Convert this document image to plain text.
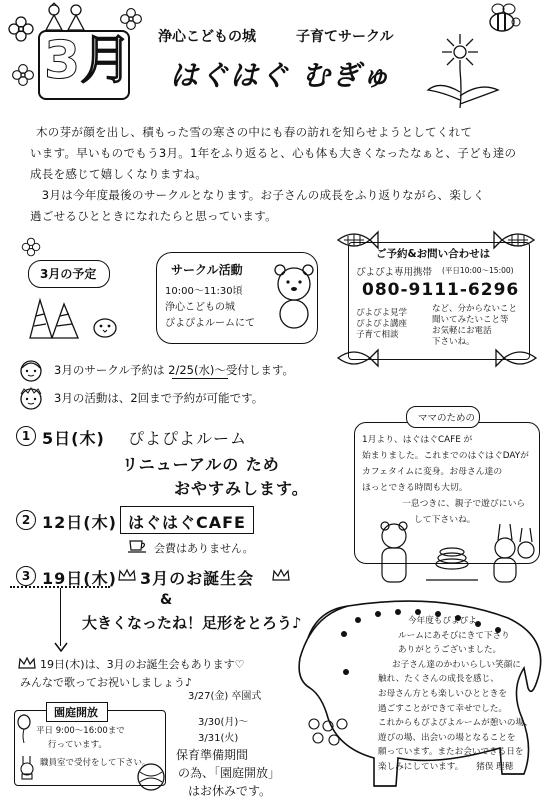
3月 浄心こどもの城	子育てサークル
はぐはぐ むぎゅ

木の芽が顔を出し、積もった雪の寒さの中にも春の訪れを知らせようとしてくれて

います。早いものでもう3月。1年をふり返ると、心も体も大きくなったなぁと、子ども達の

成長を感じて嬉しくなりますね。

　3月は今年度最後のサークルとなります。お子さんの成長をふり返りながら、楽しく

過ごせるひとときになれたらと思っています。

3月の予定	サークル活動
10:00～11:30頃
浄心こどもの城
ぴよぴよルームにて
ご予約&お問い合わせは
ぴよぴよ専用携帯 (平日10:00～15:00)
080-9111-6296
ぴよぴよ見学
ぴよぴよ講座
子育て相談
など、分からないこと
聞いてみたいこと等
お気軽にお電話
下さいね。
3月のサークル予約は 2/25(水)～受付します。
3月の活動は、2回まで予約が可能です。
1 5日(木) ぴよぴよルーム
リニューアルの ため
おやすみします。
2 12日(木) はぐはぐCAFE
会費はありません。
3 19日(木) 3月のお誕生会
&
大きくなったね！足形をとろう♪
19日(木)は、3月のお誕生会もあります♡
みんなで歌ってお祝いしましょう♪
ママのための
1月より、はぐはぐCAFE が
始まりました。これまでのはぐはぐDAYが
カフェタイムに変身。お母さん達の
ほっとできる時間も大切。
一息つきに、親子で遊びにいら
して下さいね。
今年度もぴよぴよ
ルームにあそびにきて下さり
ありがとうございました。
お子さん達のかわいらしい笑顔に
触れ、たくさんの成長を感じ、
お母さん方とも楽しいひとときを
過ごすことができて幸せでした。
これからもぴよぴよルームが憩いの場、
遊びの場、出会いの場となることを
願っています。またお会いできる日を
楽しみにしています。　　猪俣 理穂
園庭開放
平日 9:00～16:00まで
行っています。
職員室で受付をして下さい。
3/27(金) 卒園式
3/30(月)～
3/31(火)
保育準備期間
の為、「園庭開放」
はお休みです。
